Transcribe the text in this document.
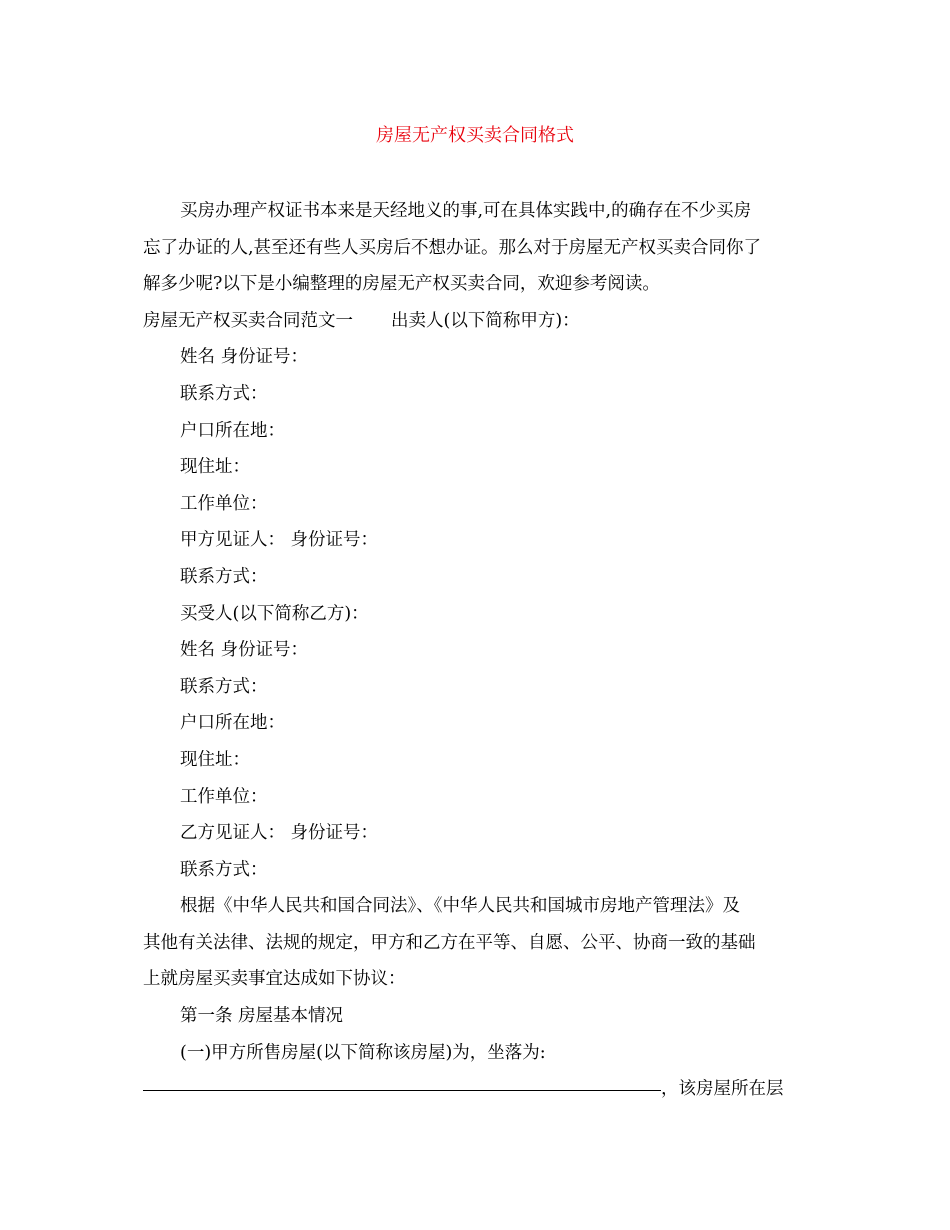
房屋无产权买卖合同格式

买房办理产权证书本来是天经地义的事,可在具体实践中,的确存在不少买房

忘了办证的人,甚至还有些人买房后不想办证。那么对于房屋无产权买卖合同你了

解多少呢?以下是小编整理的房屋无产权买卖合同，欢迎参考阅读。

房屋无产权买卖合同范文一 出卖人(以下简称甲方)：

姓名 身份证号：

联系方式：

户口所在地：

现住址：

工作单位：

甲方见证人： 身份证号：

联系方式：

买受人(以下简称乙方)：

姓名 身份证号：

联系方式：

户口所在地：

现住址：

工作单位：

乙方见证人： 身份证号：

联系方式：

根据《中华人民共和国合同法》、《中华人民共和国城市房地产管理法》及

其他有关法律、法规的规定，甲方和乙方在平等、自愿、公平、协商一致的基础

上就房屋买卖事宜达成如下协议：

第一条 房屋基本情况

(一)甲方所售房屋(以下简称该房屋)为，坐落为:

，该房屋所在层
